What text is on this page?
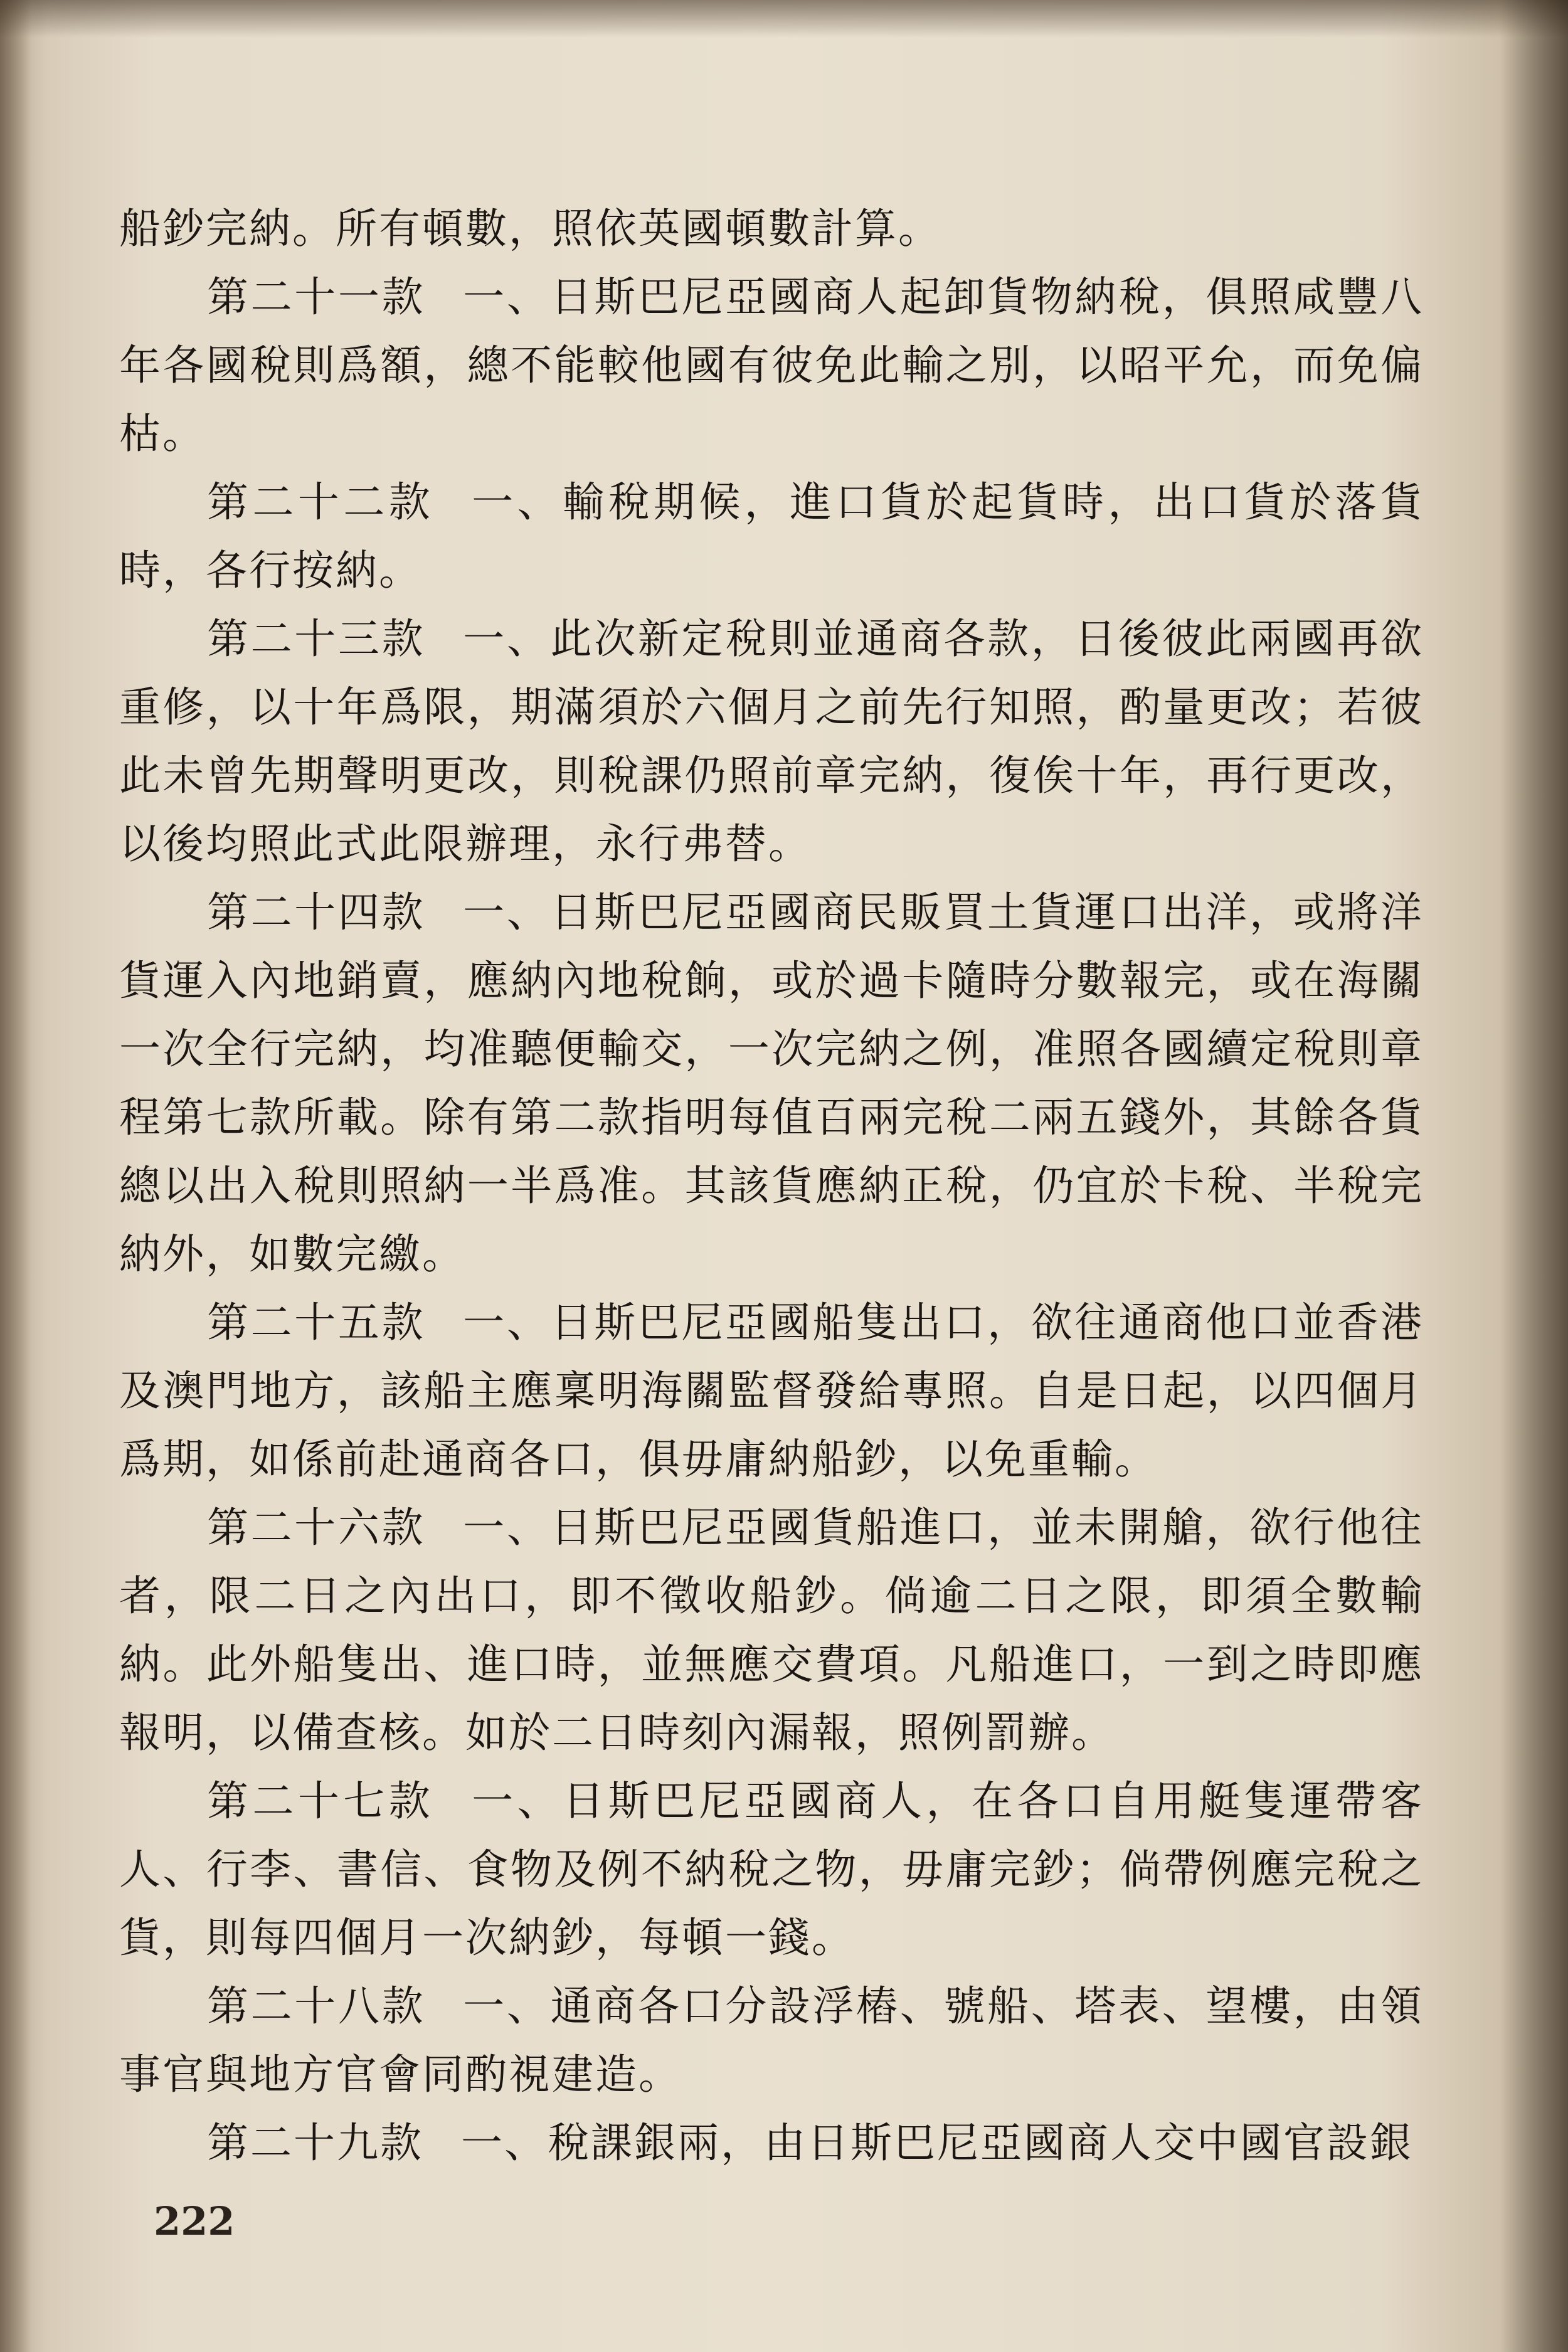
船鈔完納。所有頓數，照依英國頓數計算。

第二十一款 一、日斯巴尼亞國商人起卸貨物納稅，俱照咸豐八年各國稅則爲額，總不能較他國有彼免此輸之別，以昭平允，而免偏枯。

第二十二款 一、輸稅期候，進口貨於起貨時，出口貨於落貨時，各行按納。

第二十三款 一、此次新定稅則並通商各款，日後彼此兩國再欲重修，以十年爲限，期滿須於六個月之前先行知照，酌量更改；若彼此未曾先期聲明更改，則稅課仍照前章完納，復俟十年，再行更改，以後均照此式此限辦理，永行弗替。

第二十四款 一、日斯巴尼亞國商民販買土貨運口出洋，或將洋貨運入內地銷賣，應納內地稅餉，或於過卡隨時分數報完，或在海關一次全行完納，均准聽便輸交，一次完納之例，准照各國續定稅則章程第七款所載。除有第二款指明每值百兩完稅二兩五錢外，其餘各貨總以出入稅則照納一半爲准。其該貨應納正稅，仍宜於卡稅、半稅完納外，如數完繳。

第二十五款 一、日斯巴尼亞國船隻出口，欲往通商他口並香港及澳門地方，該船主應稟明海關監督發給專照。自是日起，以四個月爲期，如係前赴通商各口，俱毋庸納船鈔，以免重輸。

第二十六款 一、日斯巴尼亞國貨船進口，並未開艙，欲行他往者，限二日之內出口，即不徵收船鈔。倘逾二日之限，即須全數輸納。此外船隻出、進口時，並無應交費項。凡船進口，一到之時即應報明，以備查核。如於二日時刻內漏報，照例罰辦。

第二十七款 一、日斯巴尼亞國商人，在各口自用艇隻運帶客人、行李、書信、食物及例不納稅之物，毋庸完鈔；倘帶例應完稅之貨，則每四個月一次納鈔，每頓一錢。

第二十八款 一、通商各口分設浮樁、號船、塔表、望樓，由領事官與地方官會同酌視建造。

第二十九款 一、稅課銀兩，由日斯巴尼亞國商人交中國官設銀

222
